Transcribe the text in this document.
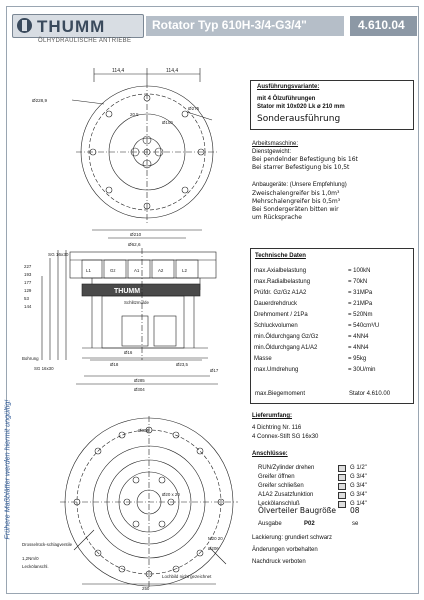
THUMM
ÖLHYDRAULISCHE ANTRIEBE
Rotator Typ 610H-3/4-G3/4"	4.610.04
Frühere Maßblätter werden hiermit ungültig!
114,4	114,4
Ø228,9
Ø275
Ø210
Ø62,6
20,5
Ø100
SG 16x30
227
193
177
129
53
144
L1	Gz	A1	A2	L2
THUMM
Schlitzmulde
Ø16
Ø18	Ø23,5
Ø285
Ø304
Ø17
SG 16x30
Bohrung
Ø20 x 20
Drosselrück-schlagventile
1,2Nm/0
Leckölanschl.
Lochbild nicht gezeichnet
M20 20
Ø206
Ø304
250
Ausführungsvariante:
mit 4 Ölzuführungen
Stator mit 10x020 Lk ø 210 mm
Sonderausführung
Arbeitsmaschine:
Dienstgewicht:
Bei pendelnder Befestigung bis 16t
Bei starrer Befestigung bis 10,5t
Anbaugeräte: (Unsere Empfehlung)
Zweischalengreifer bis 1,0m³
Mehrschalengreifer bis 0,5m³
Bei Sondergeräten bitten wir
um Rücksprache
Technische Daten
max.Biegemoment	Stator 4.610.00
Lieferumfang:
4 Dichtring Nr. 116
4 Connex-Stift SG 16x30
Anschlüsse:
Ölverteiler Baugröße 08
Ausgabe	P02	se
Lackierung: grundiert schwarz
Änderungen vorbehalten
Nachdruck verboten
max.Axialbelastung	= 100kN
max.Radialbelastung	= 70kN
Prüfdr. Gz/Gz A1A2	= 31MPa
Dauerdrehdruck	= 21MPa
Drehmoment / 21Pa	= 520Nm
Schluckvolumen	= 540cm³/U
min.Öldurchgang Gz/Gz	= 4NN4
min.Öldurchgang A1/A2	= 4NN4
Masse	= 95kg
max.Umdrehung	= 30U/min
RUN/Zylinder drehen	G 1/2"
Greifer öffnen	G 3/4"
Greifer schließen	G 3/4"
A1A2 Zusatzfunktion	G 3/4"
Leckölanschluß	G 1/4"
